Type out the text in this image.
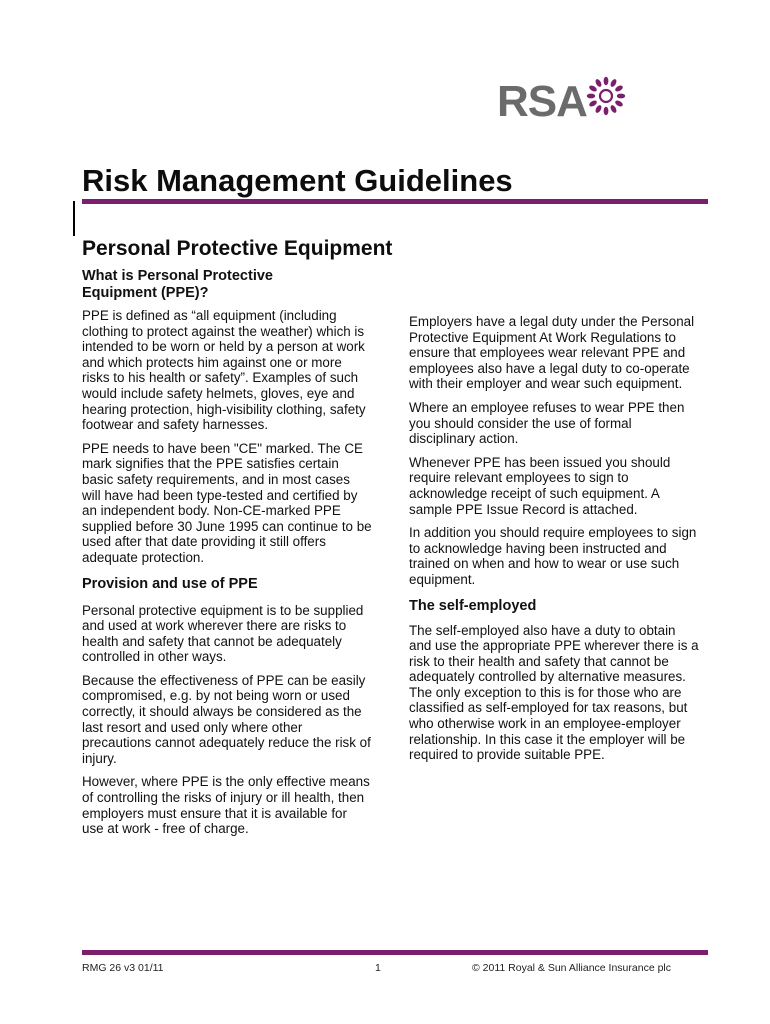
RSA
Risk Management Guidelines
Personal Protective Equipment
What is Personal Protective Equipment (PPE)?

PPE is defined as “all equipment (including clothing to protect against the weather) which is intended to be worn or held by a person at work and which protects him against one or more risks to his health or safety”. Examples of such would include safety helmets, gloves, eye and hearing protection, high-visibility clothing, safety footwear and safety harnesses.

PPE needs to have been "CE" marked. The CE mark signifies that the PPE satisfies certain basic safety requirements, and in most cases will have had been type-tested and certified by an independent body. Non-CE-marked PPE supplied before 30 June 1995 can continue to be used after that date providing it still offers adequate protection.

Provision and use of PPE

Personal protective equipment is to be supplied and used at work wherever there are risks to health and safety that cannot be adequately controlled in other ways.

Because the effectiveness of PPE can be easily compromised, e.g. by not being worn or used correctly, it should always be considered as the last resort and used only where other precautions cannot adequately reduce the risk of injury.

However, where PPE is the only effective means of controlling the risks of injury or ill health, then employers must ensure that it is available for use at work - free of charge.

Employers have a legal duty under the Personal Protective Equipment At Work Regulations to ensure that employees wear relevant PPE and employees also have a legal duty to co-operate with their employer and wear such equipment.

Where an employee refuses to wear PPE then you should consider the use of formal disciplinary action.

Whenever PPE has been issued you should require relevant employees to sign to acknowledge receipt of such equipment. A sample PPE Issue Record is attached.

In addition you should require employees to sign to acknowledge having been instructed and trained on when and how to wear or use such equipment.

The self-employed

The self-employed also have a duty to obtain and use the appropriate PPE wherever there is a risk to their health and safety that cannot be adequately controlled by alternative measures. The only exception to this is for those who are classified as self-employed for tax reasons, but who otherwise work in an employee-employer relationship. In this case it the employer will be required to provide suitable PPE.

RMG 26 v3 01/11	1	© 2011 Royal & Sun Alliance Insurance plc
